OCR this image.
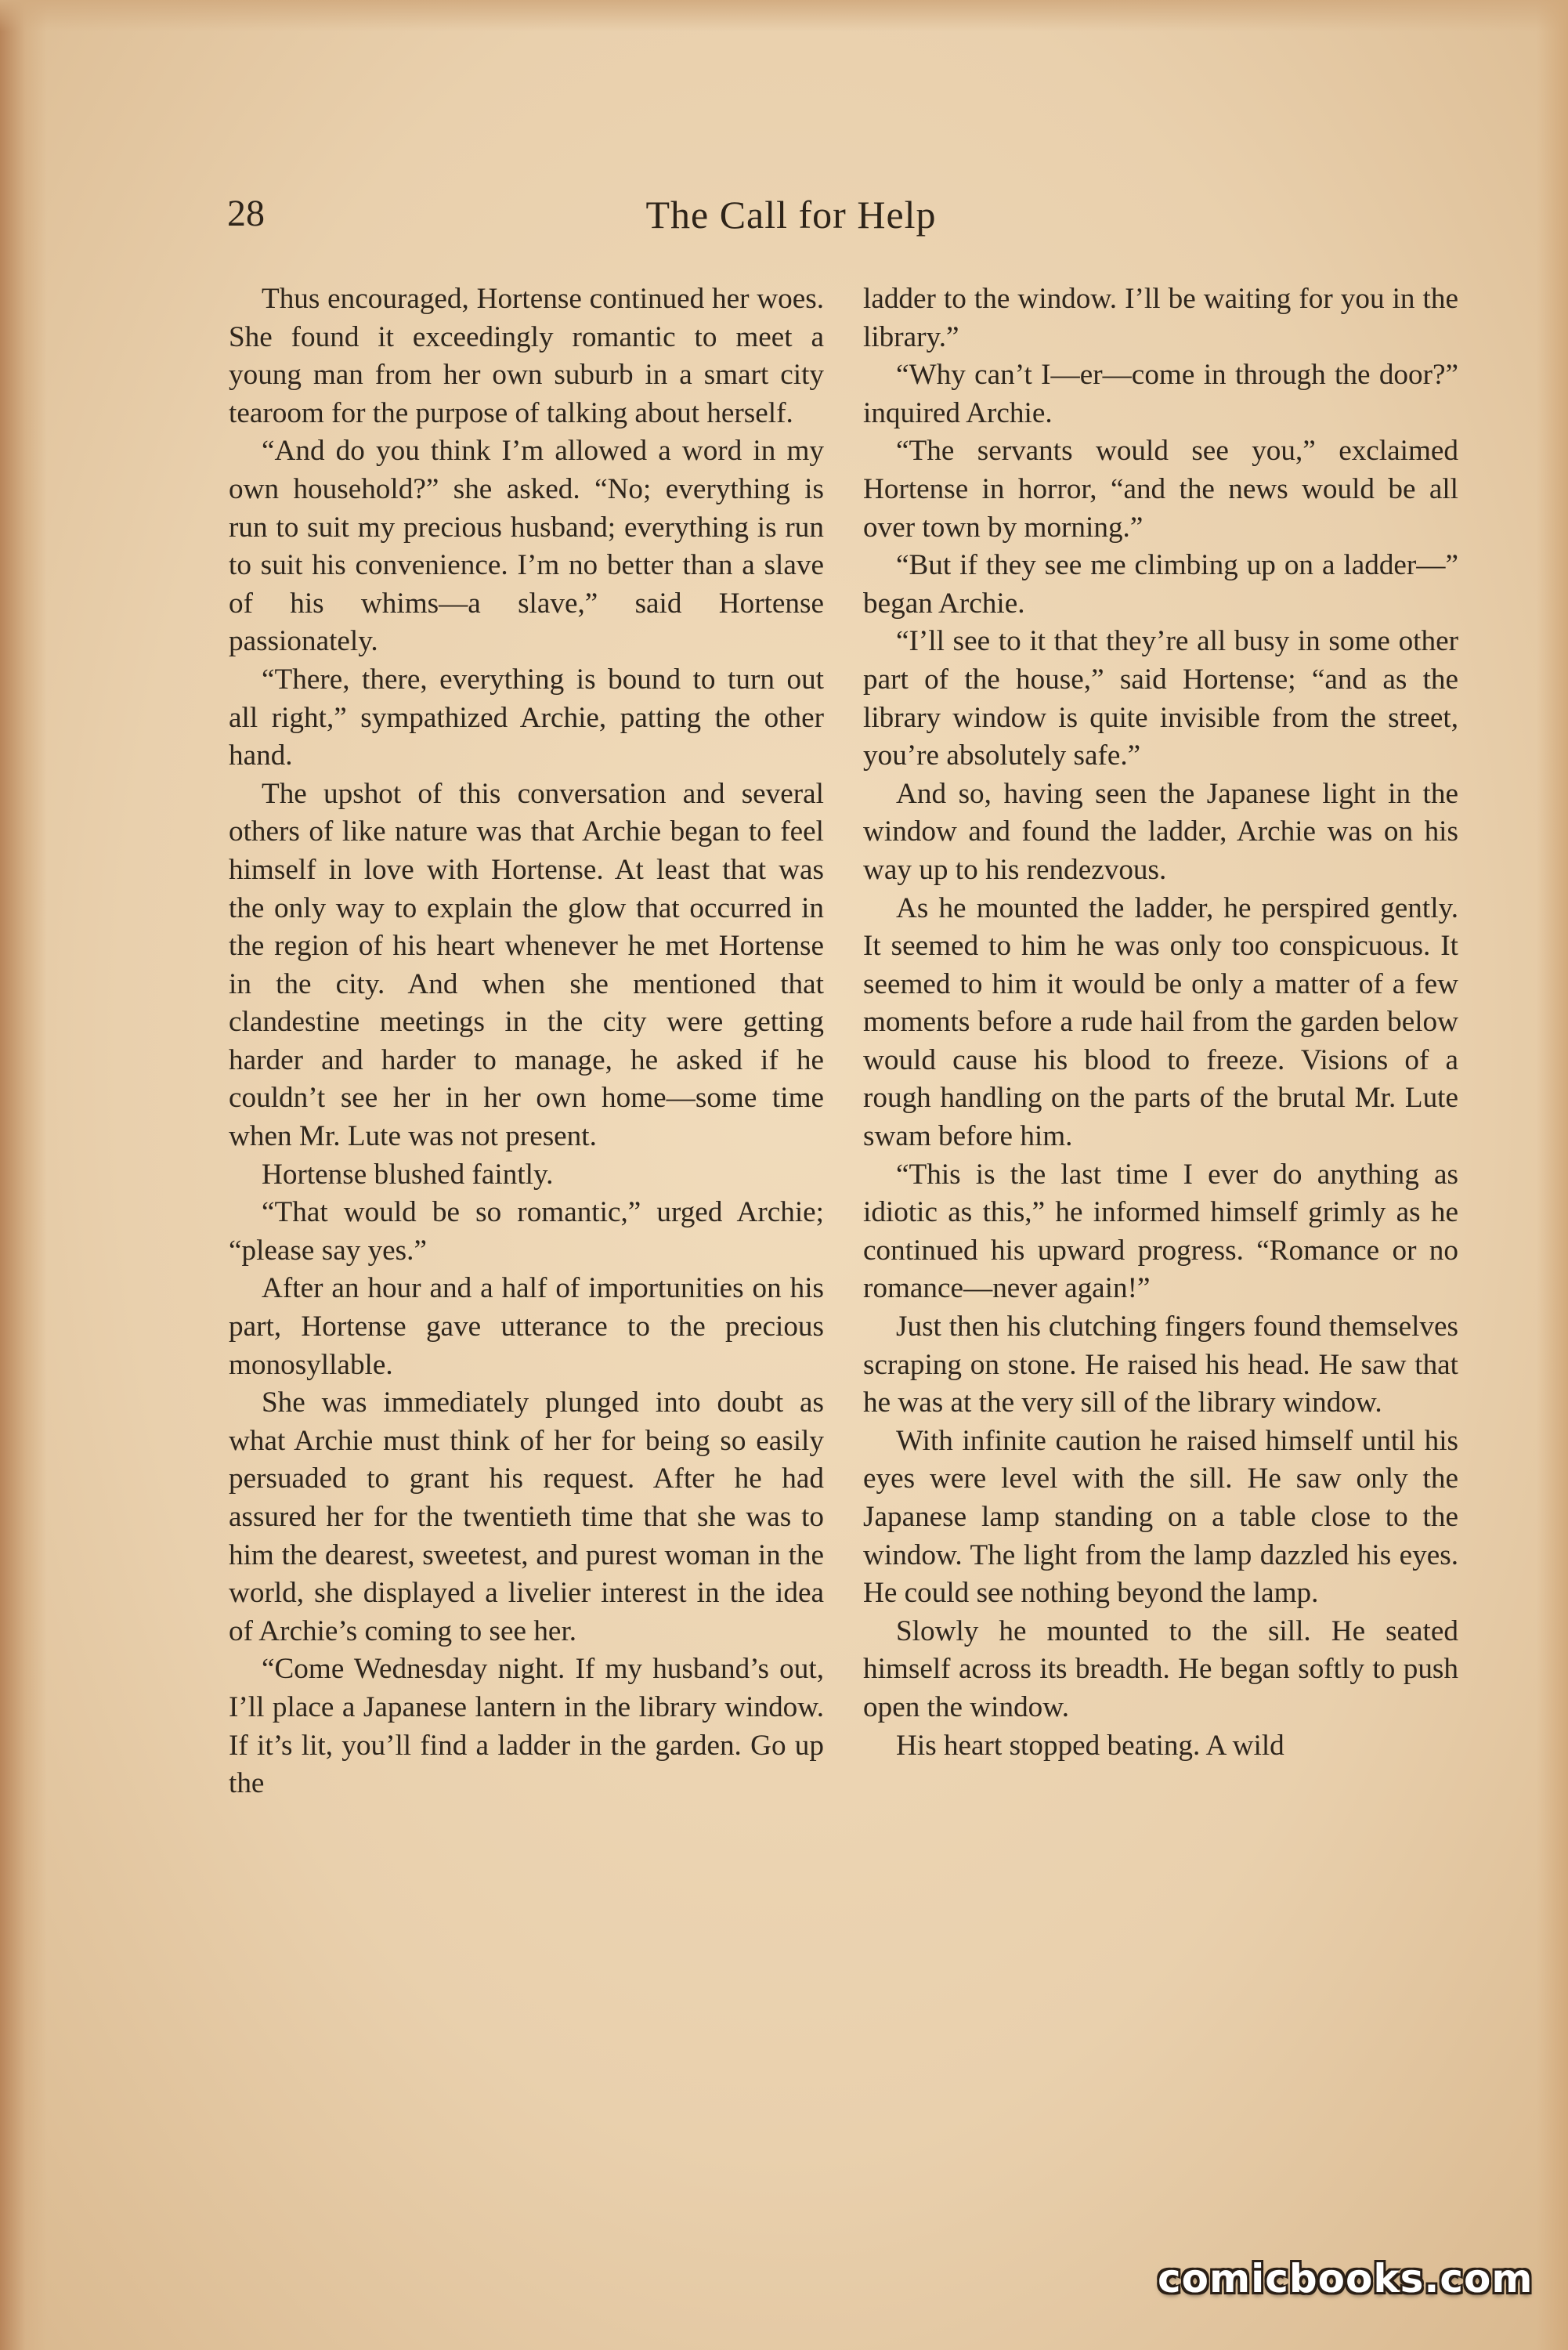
28	The Call for Help

Thus encouraged, Hortense continued her woes. She found it exceedingly romantic to meet a young man from her own suburb in a smart city tearoom for the purpose of talking about herself.

“And do you think I’m allowed a word in my own household?” she asked. “No; everything is run to suit my precious husband; everything is run to suit his convenience. I’m no better than a slave of his whims—a slave,” said Hortense passionately.

“There, there, everything is bound to turn out all right,” sympathized Archie, patting the other hand.

The upshot of this conversation and several others of like nature was that Archie began to feel himself in love with Hortense. At least that was the only way to explain the glow that occurred in the region of his heart whenever he met Hortense in the city. And when she mentioned that clandestine meetings in the city were getting harder and harder to manage, he asked if he couldn’t see her in her own home—some time when Mr. Lute was not present.

Hortense blushed faintly.

“That would be so romantic,” urged Archie; “please say yes.”

After an hour and a half of importunities on his part, Hortense gave utterance to the precious monosyllable.

She was immediately plunged into doubt as what Archie must think of her for being so easily persuaded to grant his request. After he had assured her for the twentieth time that she was to him the dearest, sweetest, and purest woman in the world, she displayed a livelier interest in the idea of Archie’s coming to see her.

“Come Wednesday night. If my husband’s out, I’ll place a Japanese lantern in the library window. If it’s lit, you’ll find a ladder in the garden. Go up the

ladder to the window. I’ll be waiting for you in the library.”

“Why can’t I—er—come in through the door?” inquired Archie.

“The servants would see you,” exclaimed Hortense in horror, “and the news would be all over town by morning.”

“But if they see me climbing up on a ladder—” began Archie.

“I’ll see to it that they’re all busy in some other part of the house,” said Hortense; “and as the library window is quite invisible from the street, you’re absolutely safe.”

And so, having seen the Japanese light in the window and found the ladder, Archie was on his way up to his rendezvous.

As he mounted the ladder, he perspired gently. It seemed to him he was only too conspicuous. It seemed to him it would be only a matter of a few moments before a rude hail from the garden below would cause his blood to freeze. Visions of a rough handling on the parts of the brutal Mr. Lute swam before him.

“This is the last time I ever do anything as idiotic as this,” he informed himself grimly as he continued his upward progress. “Romance or no romance—never again!”

Just then his clutching fingers found themselves scraping on stone. He raised his head. He saw that he was at the very sill of the library window.

With infinite caution he raised himself until his eyes were level with the sill. He saw only the Japanese lamp standing on a table close to the window. The light from the lamp dazzled his eyes. He could see nothing beyond the lamp.

Slowly he mounted to the sill. He seated himself across its breadth. He began softly to push open the window.

His heart stopped beating. A wild

comicbooks.com
